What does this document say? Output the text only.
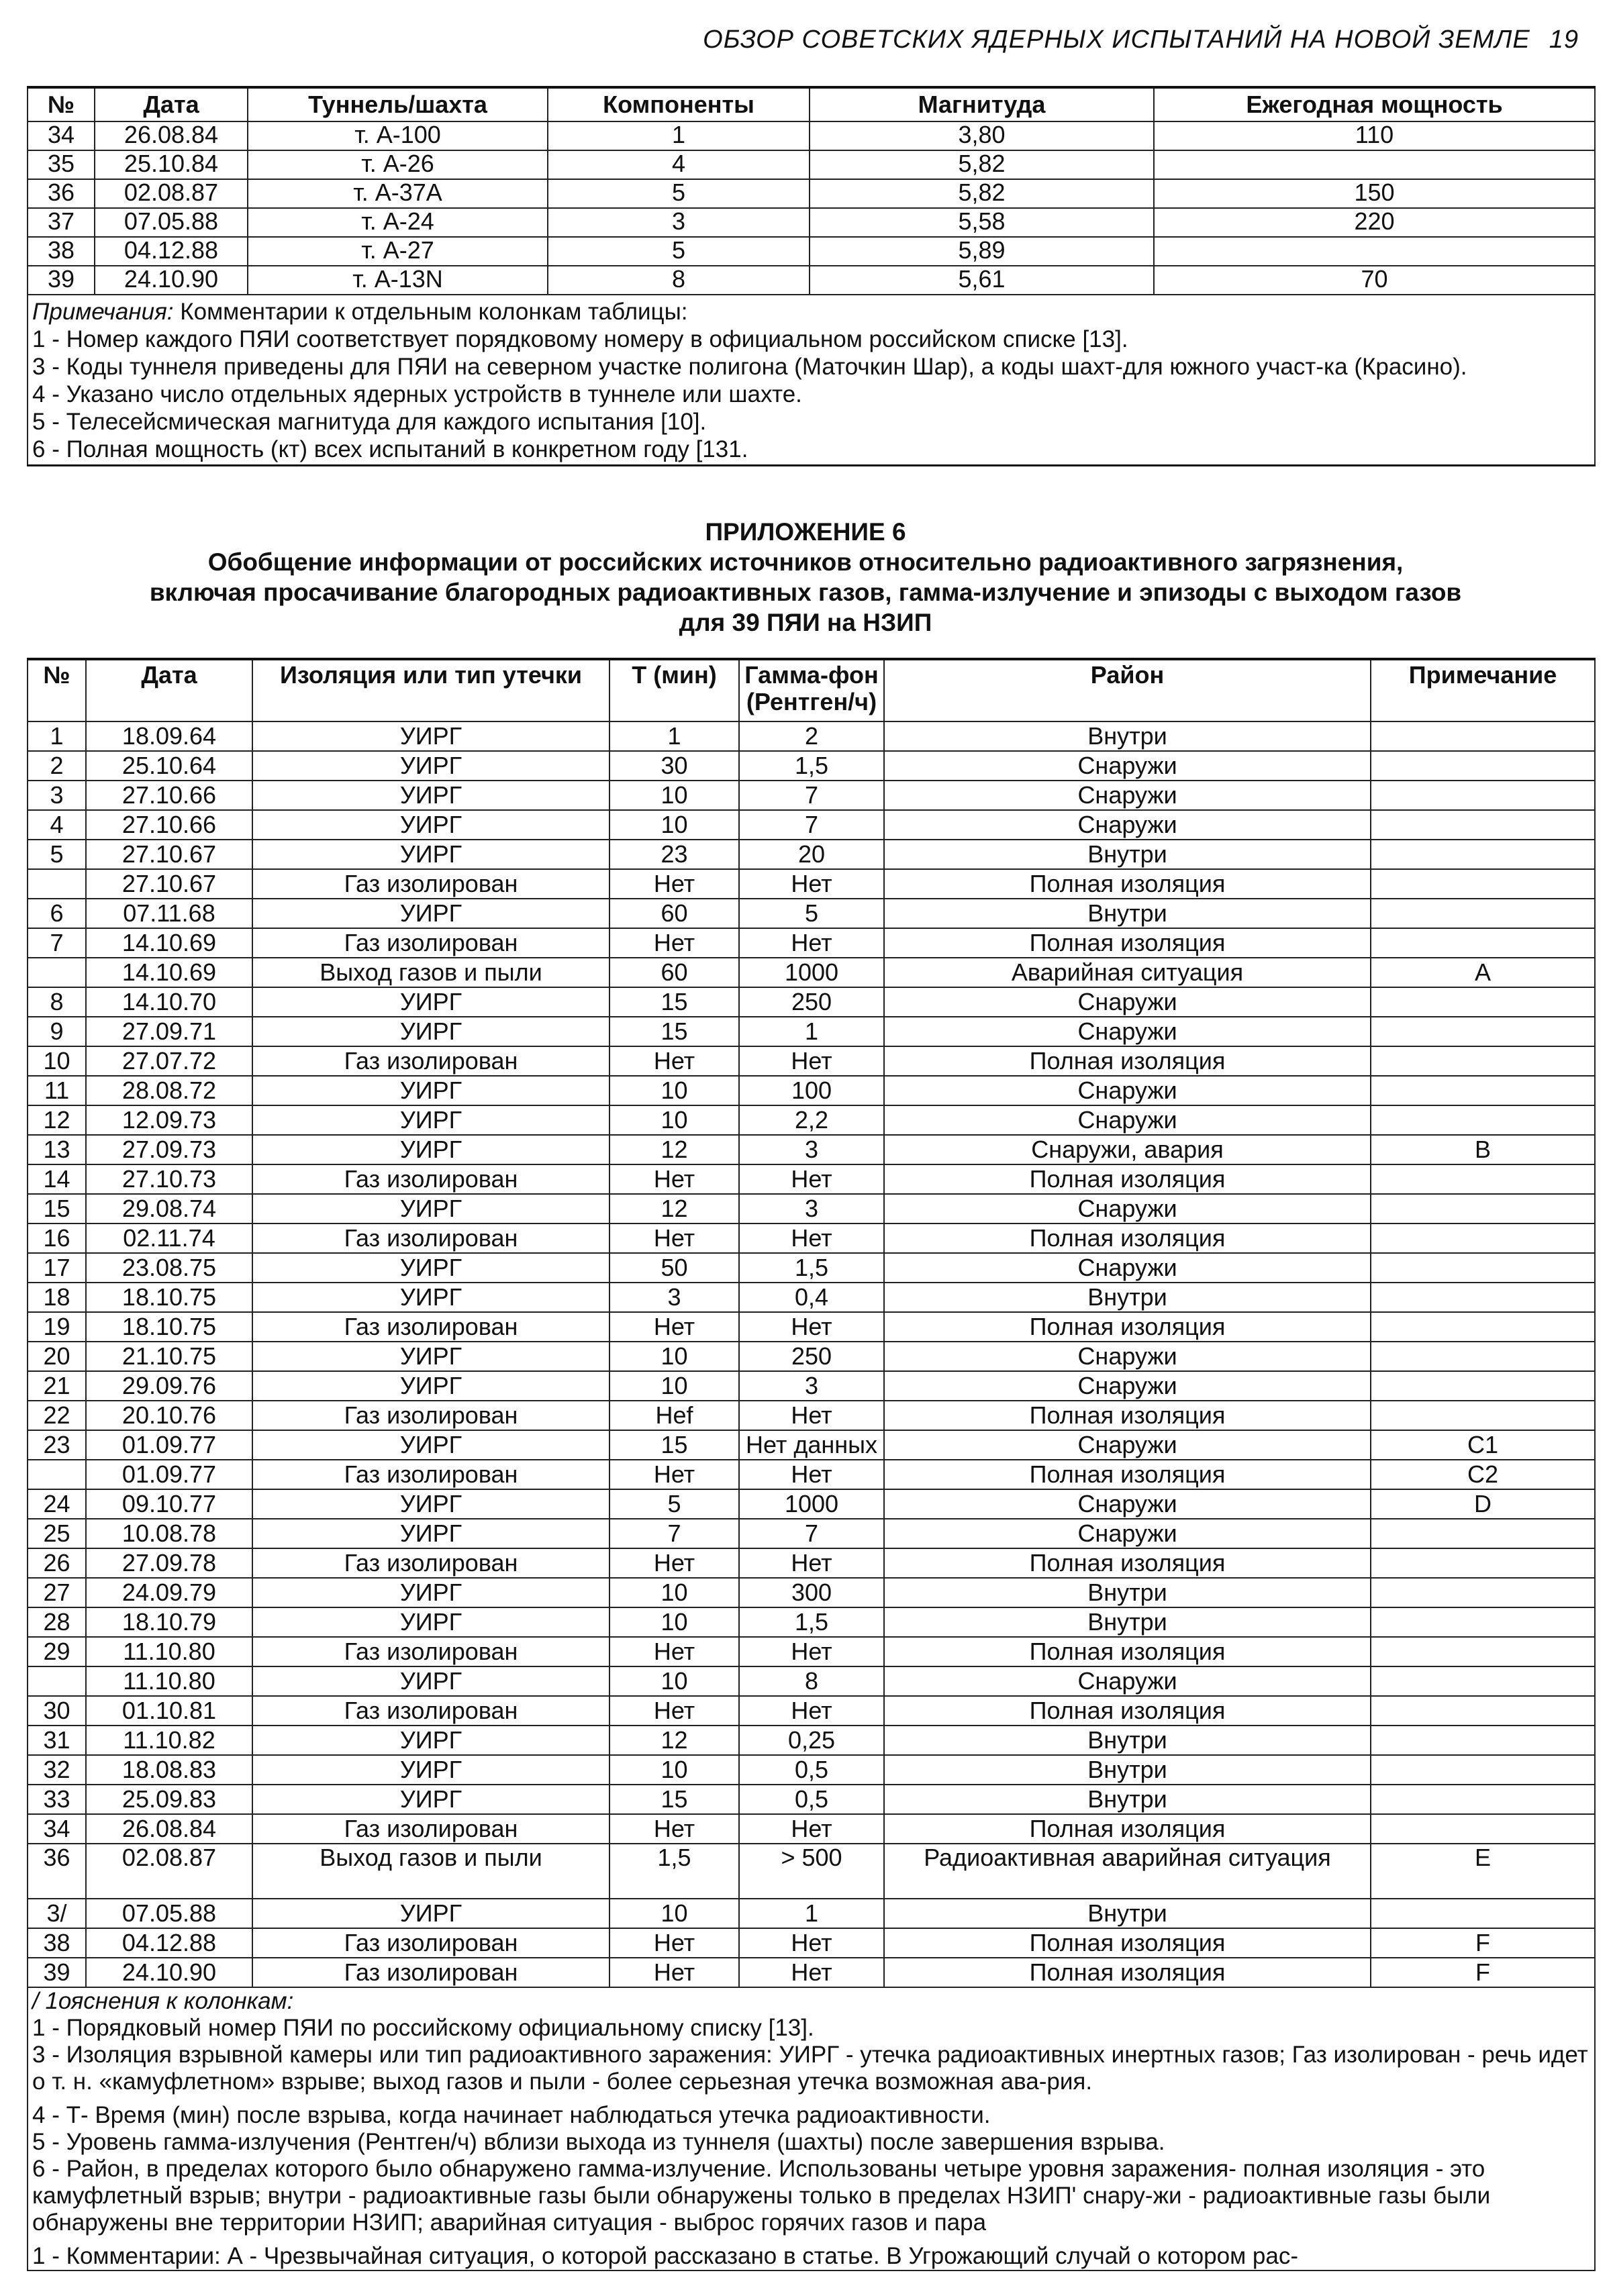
ОБЗОР СОВЕТСКИХ ЯДЕРНЫХ ИСПЫТАНИЙ НА НОВОЙ ЗЕМЛЕ 19
№	Дата	Туннель/шахта	Компоненты	Магнитуда	Ежегодная мощность
34	26.08.84	т. А-100	1	3,80	110
35	25.10.84	т. А-26	4	5,82	
36	02.08.87	т. А-37А	5	5,82	150
37	07.05.88	т. А-24	3	5,58	220
38	04.12.88	т. А-27	5	5,89	
39	24.10.90	т. А-13N	8	5,61	70

Примечания: Комментарии к отдельным колонкам таблицы:
1 - Номер каждого ПЯИ соответствует порядковому номеру в официальном российском списке [13].
3 - Коды туннеля приведены для ПЯИ на северном участке полигона (Маточкин Шар), а коды шахт-для южного участ-ка (Красино).
4 - Указано число отдельных ядерных устройств в туннеле или шахте.
5 - Телесейсмическая магнитуда для каждого испытания [10].
6 - Полная мощность (кт) всех испытаний в конкретном году [131.
ПРИЛОЖЕНИЕ 6
Обобщение информации от российских источников относительно радиоактивного загрязнения,
включая просачивание благородных радиоактивных газов, гамма-излучение и эпизоды с выходом газов
для 39 ПЯИ на НЗИП
№	Дата	Изоляция или тип утечки	Т (мин)	Гамма-фон (Рентген/ч)	Район	Примечание
1	18.09.64	УИРГ	1	2	Внутри	
2	25.10.64	УИРГ	30	1,5	Снаружи	
3	27.10.66	УИРГ	10	7	Снаружи	
4	27.10.66	УИРГ	10	7	Снаружи	
5	27.10.67	УИРГ	23	20	Внутри	
	27.10.67	Газ изолирован	Нет	Нет	Полная изоляция	
6	07.11.68	УИРГ	60	5	Внутри	
7	14.10.69	Газ изолирован	Нет	Нет	Полная изоляция	
	14.10.69	Выход газов и пыли	60	1000	Аварийная ситуация	А
8	14.10.70	УИРГ	15	250	Снаружи	
9	27.09.71	УИРГ	15	1	Снаружи	
10	27.07.72	Газ изолирован	Нет	Нет	Полная изоляция	
11	28.08.72	УИРГ	10	100	Снаружи	
12	12.09.73	УИРГ	10	2,2	Снаружи	
13	27.09.73	УИРГ	12	3	Снаружи, авария	В
14	27.10.73	Газ изолирован	Нет	Нет	Полная изоляция	
15	29.08.74	УИРГ	12	3	Снаружи	
16	02.11.74	Газ изолирован	Нет	Нет	Полная изоляция	
17	23.08.75	УИРГ	50	1,5	Снаружи	
18	18.10.75	УИРГ	3	0,4	Внутри	
19	18.10.75	Газ изолирован	Нет	Нет	Полная изоляция	
20	21.10.75	УИРГ	10	250	Снаружи	
21	29.09.76	УИРГ	10	3	Снаружи	
22	20.10.76	Газ изолирован	Hef	Нет	Полная изоляция	
23	01.09.77	УИРГ	15	Нет данных	Снаружи	C1
	01.09.77	Газ изолирован	Нет	Нет	Полная изоляция	C2
24	09.10.77	УИРГ	5	1000	Снаружи	D
25	10.08.78	УИРГ	7	7	Снаружи	
26	27.09.78	Газ изолирован	Нет	Нет	Полная изоляция	
27	24.09.79	УИРГ	10	300	Внутри	
28	18.10.79	УИРГ	10	1,5	Внутри	
29	11.10.80	Газ изолирован	Нет	Нет	Полная изоляция	
	11.10.80	УИРГ	10	8	Снаружи	
30	01.10.81	Газ изолирован	Нет	Нет	Полная изоляция	
31	11.10.82	УИРГ	12	0,25	Внутри	
32	18.08.83	УИРГ	10	0,5	Внутри	
33	25.09.83	УИРГ	15	0,5	Внутри	
34	26.08.84	Газ изолирован	Нет	Нет	Полная изоляция	
36	02.08.87	Выход газов и пыли	1,5	> 500	Радиоактивная аварийная ситуация	E
3/	07.05.88	УИРГ	10	1	Внутри	
38	04.12.88	Газ изолирован	Нет	Нет	Полная изоляция	F
39	24.10.90	Газ изолирован	Нет	Нет	Полная изоляция	F

/ 1ояснения к колонкам:

1 - Порядковый номер ПЯИ по российскому официальному списку [13].

3 - Изоляция взрывной камеры или тип радиоактивного заражения: УИРГ - утечка радиоактивных инертных газов; Газ изолирован - речь идет о т. н. «камуфлетном» взрыве; выход газов и пыли - более серьезная утечка возможная ава-рия.

4 - Т- Время (мин) после взрыва, когда начинает наблюдаться утечка радиоактивности.

5 - Уровень гамма-излучения (Рентген/ч) вблизи выхода из туннеля (шахты) после завершения взрыва.

6 - Район, в пределах которого было обнаружено гамма-излучение. Использованы четыре уровня заражения- полная изоляция - это камуфлетный взрыв; внутри - радиоактивные газы были обнаружены только в пределах НЗИП' снару-жи - радиоактивные газы были обнаружены вне территории НЗИП; аварийная ситуация - выброс горячих газов и пара

1 - Комментарии: А - Чрезвычайная ситуация, о которой рассказано в статье. В Угрожающий случай о котором рас-
